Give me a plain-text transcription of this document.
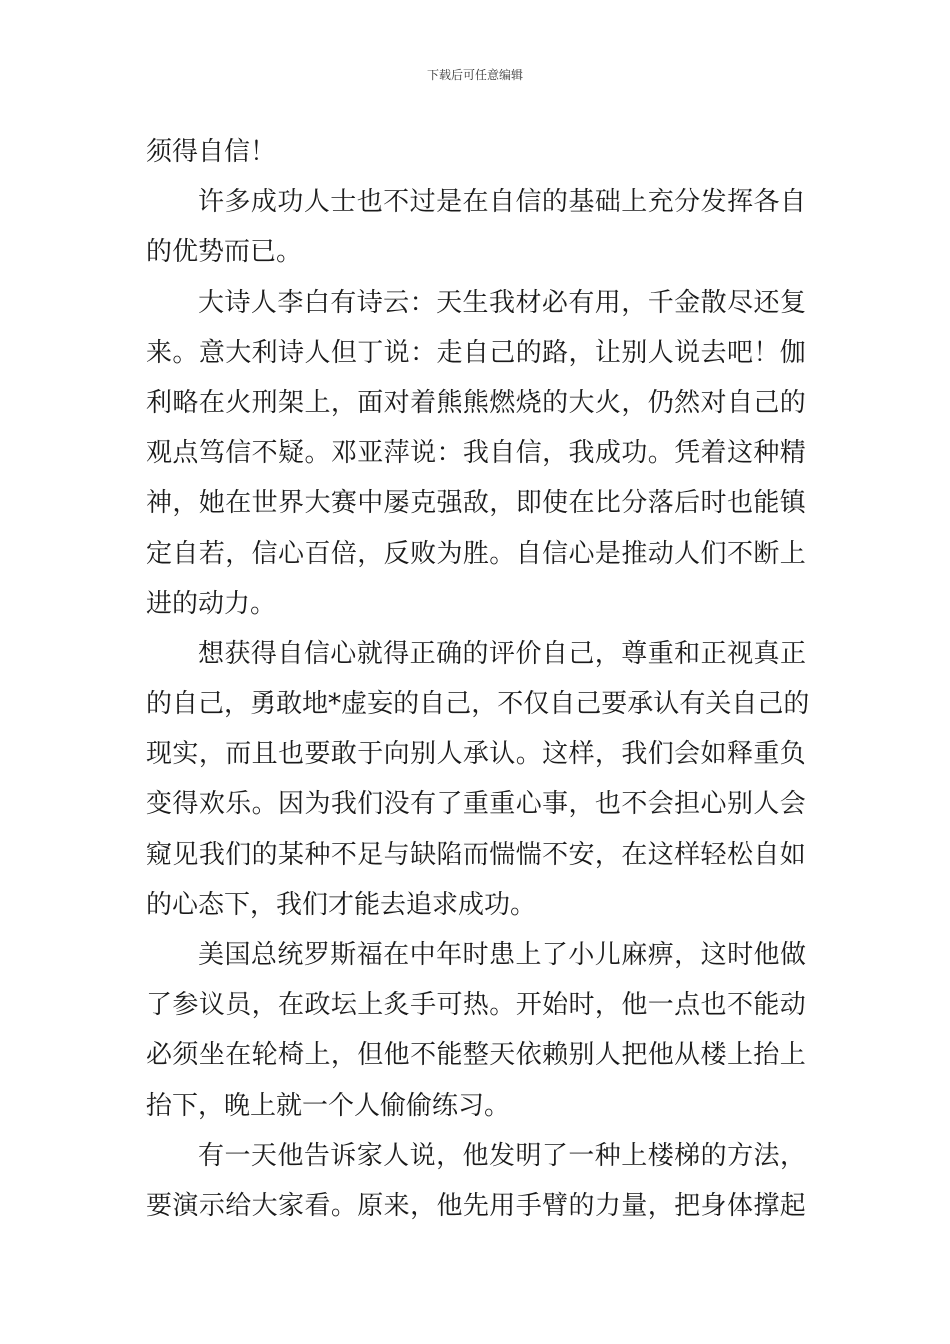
下载后可任意编辑
须得自信！
许 多 成 功 人 士 也 不 过 是 在 自 信 的 基 础 上 充 分 发 挥 各 自
的优势而已。
大 诗 人 李 白 有 诗 云 ： 天 生 我 材 必 有 用 ， 千 金 散 尽 还 复
来 。 意 大 利 诗 人 但 丁 说 ： 走 自 己 的 路 ， 让 别 人 说 去 吧 ！ 伽
利 略 在 火 刑 架 上 ， 面 对 着 熊 熊 燃 烧 的 大 火 ， 仍 然 对 自 己 的
观 点 笃 信 不 疑 。 邓 亚 萍 说 ： 我 自 信 ， 我 成 功 。 凭 着 这 种 精
神 ， 她 在 世 界 大 赛 中 屡 克 强 敌 ， 即 使 在 比 分 落 后 时 也 能 镇
定 自 若 ， 信 心 百 倍 ， 反 败 为 胜 。 自 信 心 是 推 动 人 们 不 断 上
进的动力。
想 获 得 自 信 心 就 得 正 确 的 评 价 自 己 ， 尊 重 和 正 视 真 正
的 自 己 ， 勇 敢 地 * 虚 妄 的 自 己 ， 不 仅 自 己 要 承 认 有 关 自 己 的
现 实 ， 而 且 也 要 敢 于 向 别 人 承 认 。 这 样 ， 我 们 会 如 释 重 负
变 得 欢 乐 。 因 为 我 们 没 有 了 重 重 心 事 ， 也 不 会 担 心 别 人 会
窥 见 我 们 的 某 种 不 足 与 缺 陷 而 惴 惴 不 安 ， 在 这 样 轻 松 自 如
的心态下，我们才能去追求成功。
美 国 总 统 罗 斯 福 在 中 年 时 患 上 了 小 儿 麻 痹 ， 这 时 他 做
了 参 议 员 ， 在 政 坛 上 炙 手 可 热 。 开 始 时 ， 他 一 点 也 不 能 动
必 须 坐 在 轮 椅 上 ， 但 他 不 能 整 天 依 赖 别 人 把 他 从 楼 上 抬 上
抬下，晚上就一个人偷偷练习。
有 一 天 他 告 诉 家 人 说 ， 他 发 明 了 一 种 上 楼 梯 的 方 法 ，
要 演 示 给 大 家 看 。 原 来 ， 他 先 用 手 臂 的 力 量 ， 把 身 体 撑 起
